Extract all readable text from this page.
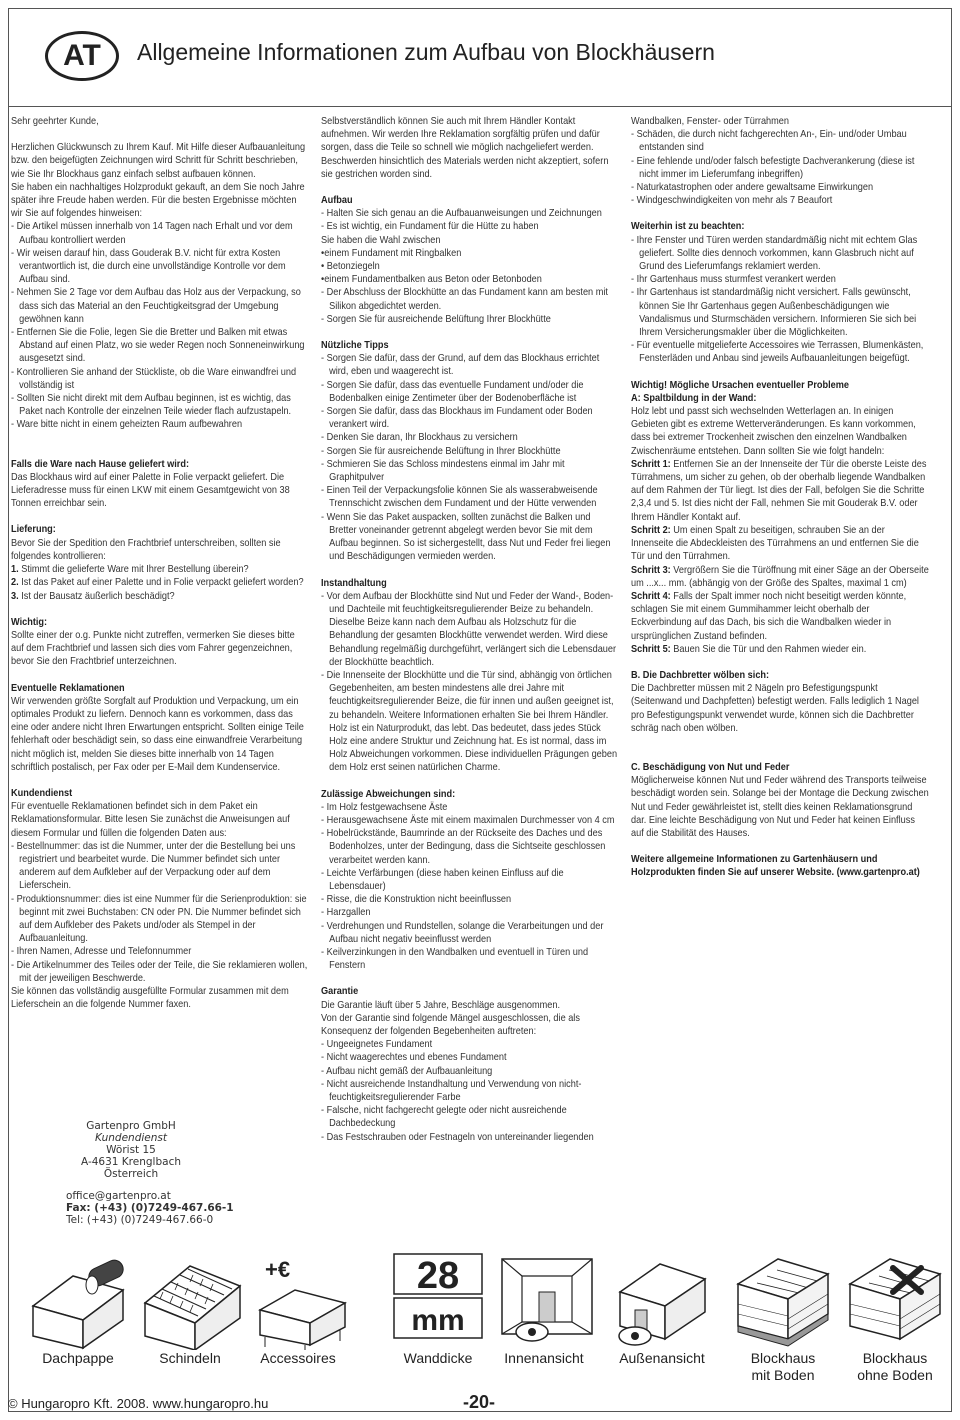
AT	Allgemeine Informationen zum Aufbau von Blockhäusern

Sehr geehrter Kunde,

Herzlichen Glückwunsch zu Ihrem Kauf. Mit Hilfe dieser Aufbauanleitung bzw. den beigefügten Zeichnungen wird Schritt für Schritt beschrieben, wie Sie Ihr Blockhaus ganz einfach selbst aufbauen können.

Sie haben ein nachhaltiges Holzprodukt gekauft, an dem Sie noch Jahre später ihre Freude haben werden. Für die besten Ergebnisse möchten wir Sie auf folgendes hinweisen:

- Die Artikel müssen innerhalb von 14 Tagen nach Erhalt und vor dem Aufbau kontrolliert werden
- Wir weisen darauf hin, dass Gouderak B.V. nicht für extra Kosten verantwortlich ist, die durch eine unvollständige Kontrolle vor dem Aufbau sind.
- Nehmen Sie 2 Tage vor dem Aufbau das Holz aus der Verpackung, so dass sich das Material an den Feuchtigkeitsgrad der Umgebung gewöhnen kann
- Entfernen Sie die Folie, legen Sie die Bretter und Balken mit etwas Abstand auf einen Platz, wo sie weder Regen noch Sonneneinwirkung ausgesetzt sind.
- Kontrollieren Sie anhand der Stückliste, ob die Ware einwandfrei und vollständig ist
- Sollten Sie nicht direkt mit dem Aufbau beginnen, ist es wichtig, das Paket nach Kontrolle der einzelnen Teile wieder flach aufzustapeln.
- Ware bitte nicht in einem geheizten Raum aufbewahren
Falls die Ware nach Hause geliefert wird:

Das Blockhaus wird auf einer Palette in Folie verpackt geliefert. Die Lieferadresse muss für einen LKW mit einem Gesamtgewicht von 38 Tonnen erreichbar sein.

Lieferung:

Bevor Sie der Spedition den Frachtbrief unterschreiben, sollten sie folgendes kontrollieren:

1. Stimmt die gelieferte Ware mit Ihrer Bestellung überein?
2. Ist das Paket auf einer Palette und in Folie verpackt geliefert worden?
3. Ist der Bausatz äußerlich beschädigt?
Wichtig:

Sollte einer der o.g. Punkte nicht zutreffen, vermerken Sie dieses bitte auf dem Frachtbrief und lassen sich dies vom Fahrer gegenzeichnen, bevor Sie den Frachtbrief unterzeichnen.

Eventuelle Reklamationen

Wir verwenden größte Sorgfalt auf Produktion und Verpackung, um ein optimales Produkt zu liefern. Dennoch kann es vorkommen, dass das eine oder andere nicht Ihren Erwartungen entspricht. Sollten einige Teile fehlerhaft oder beschädigt sein, so dass eine einwandfreie Verarbeitung nicht möglich ist, melden Sie dieses bitte innerhalb von 14 Tagen schriftlich postalisch, per Fax oder per E-Mail dem Kundenservice.

Kundendienst

Für eventuelle Reklamationen befindet sich in dem Paket ein Reklamationsformular. Bitte lesen Sie zunächst die Anweisungen auf diesem Formular und füllen die folgenden Daten aus:

- Bestellnummer: das ist die Nummer, unter der die Bestellung bei uns registriert und bearbeitet wurde. Die Nummer befindet sich unter anderem auf dem Aufkleber auf der Verpackung oder auf dem Lieferschein.
- Produktionsnummer: dies ist eine Nummer für die Serienproduktion: sie beginnt mit zwei Buchstaben: CN oder PN. Die Nummer befindet sich auf dem Aufkleber des Pakets und/oder als Stempel in der Aufbauanleitung.
- Ihren Namen, Adresse und Telefonnummer
- Die Artikelnummer des Teiles oder der Teile, die Sie reklamieren wollen, mit der jeweiligen Beschwerde.

Sie können das vollständig ausgefüllte Formular zusammen mit dem Lieferschein an die folgende Nummer faxen.

Gartenpro GmbH
Kundendienst
Wörist 15
A-4631 Krenglbach
Österreich
office@gartenpro.at
Fax: (+43) (0)7249-467.66-1
Tel: (+43) (0)7249-467.66-0

Selbstverständlich können Sie auch mit Ihrem Händler Kontakt aufnehmen. Wir werden Ihre Reklamation sorgfältig prüfen und dafür sorgen, dass die Teile so schnell wie möglich nachgeliefert werden. Beschwerden hinsichtlich des Materials werden nicht akzeptiert, sofern sie gestrichen worden sind.

Aufbau
- Halten Sie sich genau an die Aufbauanweisungen und Zeichnungen
- Es ist wichtig, ein Fundament für die Hütte zu haben
Sie haben die Wahl zwischen
•einem Fundament mit Ringbalken
• Betonziegeln
•einem Fundamentbalken aus Beton oder Betonboden
- Der Abschluss der Blockhütte an das Fundament kann am besten mit Silikon abgedichtet werden.
- Sorgen Sie für ausreichende Belüftung Ihrer Blockhütte
Nützliche Tipps
- Sorgen Sie dafür, dass der Grund, auf dem das Blockhaus errichtet wird, eben und waagerecht ist.
- Sorgen Sie dafür, dass das eventuelle Fundament und/oder die Bodenbalken einige Zentimeter über der Bodenoberfläche ist
- Sorgen Sie dafür, dass das Blockhaus im Fundament oder Boden verankert wird.
- Denken Sie daran, Ihr Blockhaus zu versichern
- Sorgen Sie für ausreichende Belüftung in Ihrer Blockhütte
- Schmieren Sie das Schloss mindestens einmal im Jahr mit Graphitpulver
- Einen Teil der Verpackungsfolie können Sie als wasserabweisende Trennschicht zwischen dem Fundament und der Hütte verwenden
- Wenn Sie das Paket auspacken, sollten zunächst die Balken und Bretter voneinander getrennt abgelegt werden bevor Sie mit dem Aufbau beginnen. So ist sichergestellt, dass Nut und Feder frei liegen und Beschädigungen vermieden werden.
Instandhaltung
- Vor dem Aufbau der Blockhütte sind Nut und Feder der Wand-, Boden- und Dachteile mit feuchtigkeitsregulierender Beize zu behandeln. Dieselbe Beize kann nach dem Aufbau als Holzschutz für die Behandlung der gesamten Blockhütte verwendet werden. Wird diese Behandlung regelmäßig durchgeführt, verlängert sich die Lebensdauer der Blockhütte beachtlich.
- Die Innenseite der Blockhütte und die Tür sind, abhängig von örtlichen Gegebenheiten, am besten mindestens alle drei Jahre mit feuchtigkeitsregulierender Beize, die für innen und außen geeignet ist, zu behandeln. Weitere Informationen erhalten Sie bei Ihrem Händler. Holz ist ein Naturprodukt, das lebt. Das bedeutet, dass jedes Stück Holz eine andere Struktur und Zeichnung hat. Es ist normal, dass im Holz Abweichungen vorkommen. Diese individuellen Prägungen geben dem Holz erst seinen natürlichen Charme.
Zulässige Abweichungen sind:
- Im Holz festgewachsene Äste
- Herausgewachsene Äste mit einem maximalen Durchmesser von 4 cm
- Hobelrückstände, Baumrinde an der Rückseite des Daches und des Bodenholzes, unter der Bedingung, dass die Sichtseite geschlossen verarbeitet werden kann.
- Leichte Verfärbungen (diese haben keinen Einfluss auf die Lebensdauer)
- Risse, die die Konstruktion nicht beeinflussen
- Harzgallen
- Verdrehungen und Rundstellen, solange die Verarbeitungen und der Aufbau nicht negativ beeinflusst werden
- Keilverzinkungen in den Wandbalken und eventuell in Türen und Fenstern
Garantie

Die Garantie läuft über 5 Jahre, Beschläge ausgenommen.

Von der Garantie sind folgende Mängel ausgeschlossen, die als Konsequenz der folgenden Begebenheiten auftreten:

- Ungeeignetes Fundament
- Nicht waagerechtes und ebenes Fundament
- Aufbau nicht gemäß der Aufbauanleitung
- Nicht ausreichende Instandhaltung und Verwendung von nicht-feuchtigkeitsregulierender Farbe
- Falsche, nicht fachgerecht gelegte oder nicht ausreichende Dachbedeckung
- Das Festschrauben oder Festnageln von untereinander liegenden
Wandbalken, Fenster- oder Türrahmen
- Schäden, die durch nicht fachgerechten An-, Ein- und/oder Umbau entstanden sind
- Eine fehlende und/oder falsch befestigte Dachverankerung (diese ist nicht immer im Lieferumfang inbegriffen)
- Naturkatastrophen oder andere gewaltsame Einwirkungen
- Windgeschwindigkeiten von mehr als 7 Beaufort
Weiterhin ist zu beachten:
- Ihre Fenster und Türen werden standardmäßig nicht mit echtem Glas geliefert. Sollte dies dennoch vorkommen, kann Glasbruch nicht auf Grund des Lieferumfangs reklamiert werden.
- Ihr Gartenhaus muss sturmfest verankert werden
- Ihr Gartenhaus ist standardmäßig nicht versichert. Falls gewünscht, können Sie Ihr Gartenhaus gegen Außenbeschädigungen wie Vandalismus und Sturmschäden versichern. Informieren Sie sich bei Ihrem Versicherungsmakler über die Möglichkeiten.
- Für eventuelle mitgelieferte Accessoires wie Terrassen, Blumenkästen, Fensterläden und Anbau sind jeweils Aufbauanleitungen beigefügt.
Wichtig! Mögliche Ursachen eventueller Probleme
A: Spaltbildung in der Wand:

Holz lebt und passt sich wechselnden Wetterlagen an. In einigen Gebieten gibt es extreme Wetterveränderungen. Es kann vorkommen, dass bei extremer Trockenheit zwischen den einzelnen Wandbalken Zwischenräume entstehen. Dann sollten Sie wie folgt handeln:

Schritt 1: Entfernen Sie an der Innenseite der Tür die oberste Leiste des Türrahmens, um sicher zu gehen, ob der oberhalb liegende Wandbalken auf dem Rahmen der Tür liegt. Ist dies der Fall, befolgen Sie die Schritte 2,3,4 und 5. Ist dies nicht der Fall, nehmen Sie mit Gouderak B.V. oder Ihrem Händler Kontakt auf.
Schritt 2: Um einen Spalt zu beseitigen, schrauben Sie an der Innenseite die Abdeckleisten des Türrahmens an und entfernen Sie die Tür und den Türrahmen.
Schritt 3: Vergrößern Sie die Türöffnung mit einer Säge an der Oberseite um ...x... mm. (abhängig von der Größe des Spaltes, maximal 1 cm)
Schritt 4: Falls der Spalt immer noch nicht beseitigt werden könnte, schlagen Sie mit einem Gummihammer leicht oberhalb der Eckverbindung auf das Dach, bis sich die Wandbalken wieder in ursprünglichen Zustand befinden.
Schritt 5: Bauen Sie die Tür und den Rahmen wieder ein.
B. Die Dachbretter wölben sich:

Die Dachbretter müssen mit 2 Nägeln pro Befestigungspunkt (Seitenwand und Dachpfetten) befestigt werden. Falls lediglich 1 Nagel pro Befestigungspunkt verwendet wurde, können sich die Dachbretter schräg nach oben wölben.

C. Beschädigung von Nut und Feder

Möglicherweise können Nut und Feder während des Transports teilweise beschädigt worden sein. Solange bei der Montage die Deckung zwischen Nut und Feder gewährleistet ist, stellt dies keinen Reklamationsgrund dar. Eine leichte Beschädigung von Nut und Feder hat keinen Einfluss auf die Stabilität des Hauses.

Weitere allgemeine Informationen zu Gartenhäusern und Holzprodukten finden Sie auf unserer Website. (www.gartenpro.at)
+€	28
mm
Dachpappe	Schindeln	Accessoires	Wanddicke	Innenansicht	Außenansicht	Blockhaus
mit Boden
Blockhaus
ohne Boden
© Hungaropro Kft. 2008. www.hungaropro.hu	-20-
